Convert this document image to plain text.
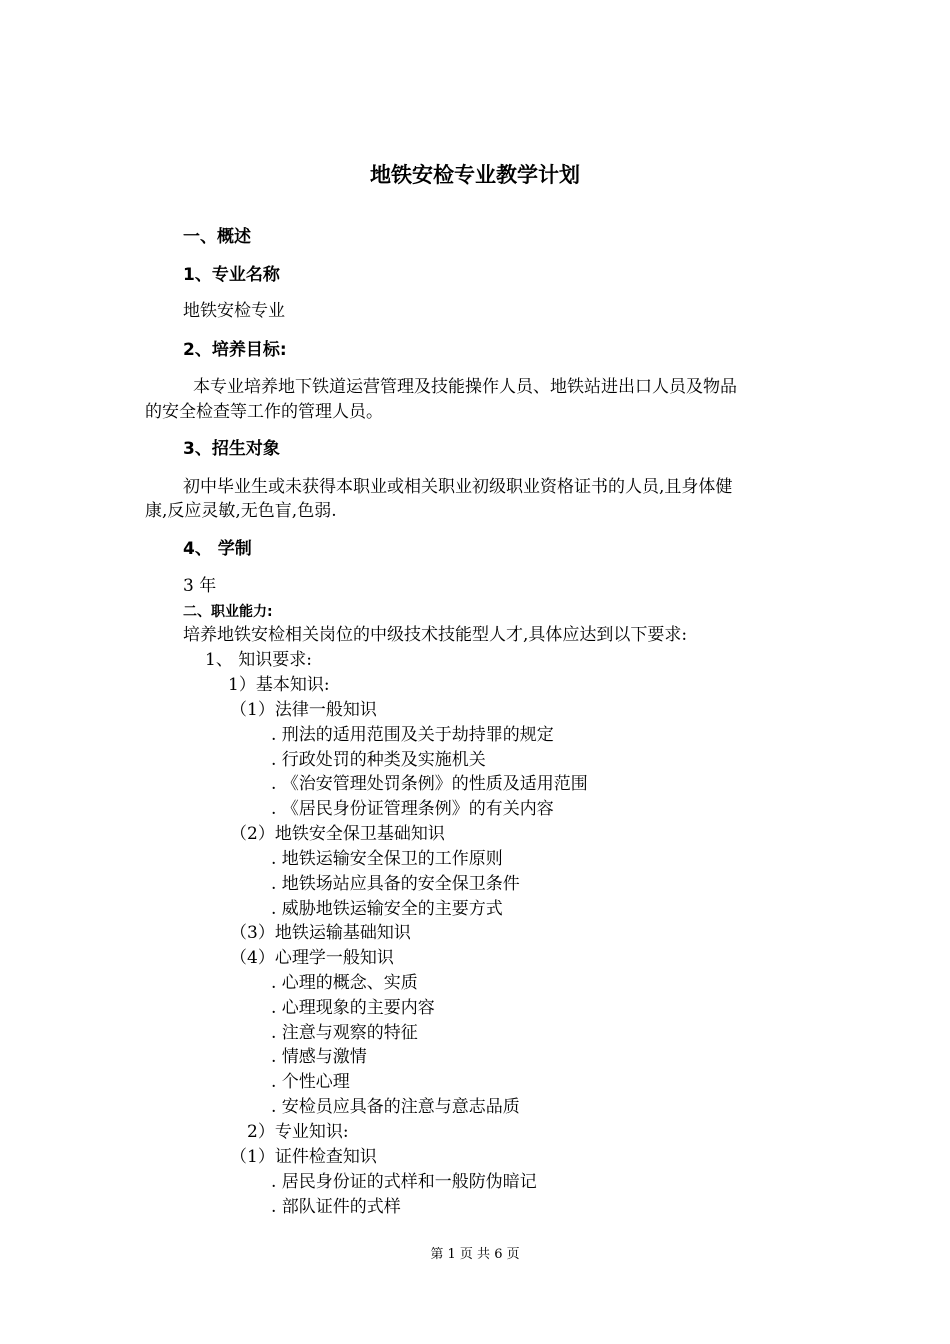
地铁安检专业教学计划
一、概述
1、专业名称
地铁安检专业
2、培养目标:
本专业培养地下铁道运营管理及技能操作人员、地铁站进出口人员及物品
的安全检查等工作的管理人员。
3、招生对象
初中毕业生或未获得本职业或相关职业初级职业资格证书的人员,且身体健
康,反应灵敏,无色盲,色弱.
4、 学制
3 年
二、职业能力:
培养地铁安检相关岗位的中级技术技能型人才,具体应达到以下要求:
1、 知识要求:
1）基本知识:
（1）法律一般知识
. 刑法的适用范围及关于劫持罪的规定
. 行政处罚的种类及实施机关
. 《治安管理处罚条例》的性质及适用范围
. 《居民身份证管理条例》的有关内容
（2）地铁安全保卫基础知识
. 地铁运输安全保卫的工作原则
. 地铁场站应具备的安全保卫条件
. 威胁地铁运输安全的主要方式
（3）地铁运输基础知识
（4）心理学一般知识
. 心理的概念、实质
. 心理现象的主要内容
. 注意与观察的特征
. 情感与激情
. 个性心理
. 安检员应具备的注意与意志品质
2）专业知识:
（1）证件检查知识
. 居民身份证的式样和一般防伪暗记
. 部队证件的式样
第 1 页 共 6 页
